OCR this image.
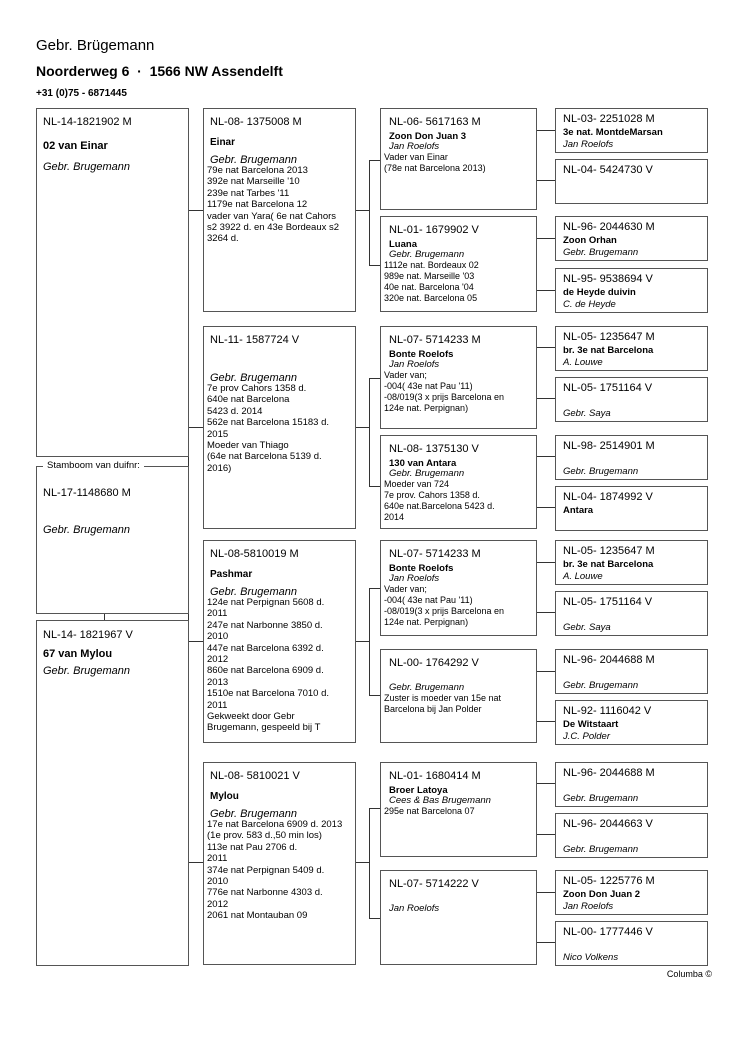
Gebr. Brügemann
Noorderweg 6  ·  1566 NW Assendelft
+31 (0)75 - 6871445
NL-14-1821902 M
02 van Einar
Gebr. Brugemann
NL-17-1148680 M
Gebr. Brugemann
Stamboom van duifnr:
NL-14- 1821967 V
67 van Mylou
Gebr. Brugemann
NL-08- 1375008 M
Einar
Gebr. Brugemann
79e nat Barcelona 2013
392e nat Marseille '10
239e nat Tarbes '11
1179e nat Barcelona 12
vader van Yara( 6e nat Cahors
s2 3922 d. en 43e Bordeaux s2
3264 d.
NL-11- 1587724 V
Gebr. Brugemann
7e prov Cahors 1358 d.
640e nat Barcelona
5423 d. 2014
562e nat Barcelona 15183 d.
2015
Moeder van Thiago
(64e nat Barcelona 5139 d.
2016)
NL-08-5810019 M
Pashmar
Gebr. Brugemann
124e nat Perpignan 5608 d.
2011
247e nat Narbonne 3850 d.
2010
447e nat Barcelona 6392 d.
2012
860e nat Barcelona 6909 d.
2013
1510e nat Barcelona 7010 d.
2011
Gekweekt door Gebr
Brugemann, gespeeld bij T
NL-08- 5810021 V
Mylou
Gebr. Brugemann
17e nat Barcelona 6909 d. 2013
(1e prov. 583 d.,50 min los)
113e nat Pau 2706 d.
2011
374e nat Perpignan 5409 d.
2010
776e nat Narbonne 4303 d.
2012
2061 nat Montauban 09
NL-06- 5617163 M
Zoon Don Juan 3
Jan Roelofs
Vader van Einar
(78e nat Barcelona 2013)
NL-01- 1679902 V
Luana
Gebr. Brugemann
1112e nat. Bordeaux 02
989e nat. Marseille '03
40e nat. Barcelona '04
320e nat. Barcelona 05
NL-07- 5714233 M
Bonte Roelofs
Jan Roelofs
Vader van;
-004( 43e nat Pau '11)
-08/019(3 x prijs Barcelona en
124e nat. Perpignan)
NL-08- 1375130 V
130 van Antara
Gebr. Brugemann
Moeder van 724
7e prov. Cahors 1358 d.
640e nat.Barcelona 5423 d.
2014
NL-07- 5714233 M
Bonte Roelofs
Jan Roelofs
Vader van;
-004( 43e nat Pau '11)
-08/019(3 x prijs Barcelona en
124e nat. Perpignan)
NL-00- 1764292 V
Gebr. Brugemann
Zuster is moeder van 15e nat
Barcelona bij Jan Polder
NL-01- 1680414 M
Broer Latoya
Cees & Bas Brugemann
295e nat Barcelona 07
NL-07- 5714222 V
Jan Roelofs
NL-03- 2251028 M
3e nat. MontdeMarsan
Jan Roelofs
NL-04- 5424730 V
NL-96- 2044630 M
Zoon Orhan
Gebr. Brugemann
NL-95- 9538694 V
de Heyde duivin
C. de Heyde
NL-05- 1235647 M
br. 3e nat Barcelona
A. Louwe
NL-05- 1751164 V
Gebr. Saya
NL-98- 2514901 M
Gebr. Brugemann
NL-04- 1874992 V
Antara
NL-05- 1235647 M
br. 3e nat Barcelona
A. Louwe
NL-05- 1751164 V
Gebr. Saya
NL-96- 2044688 M
Gebr. Brugemann
NL-92- 1116042 V
De Witstaart
J.C. Polder
NL-96- 2044688 M
Gebr. Brugemann
NL-96- 2044663 V
Gebr. Brugemann
NL-05- 1225776 M
Zoon Don Juan 2
Jan Roelofs
NL-00- 1777446 V
Nico Volkens
Columba ©
